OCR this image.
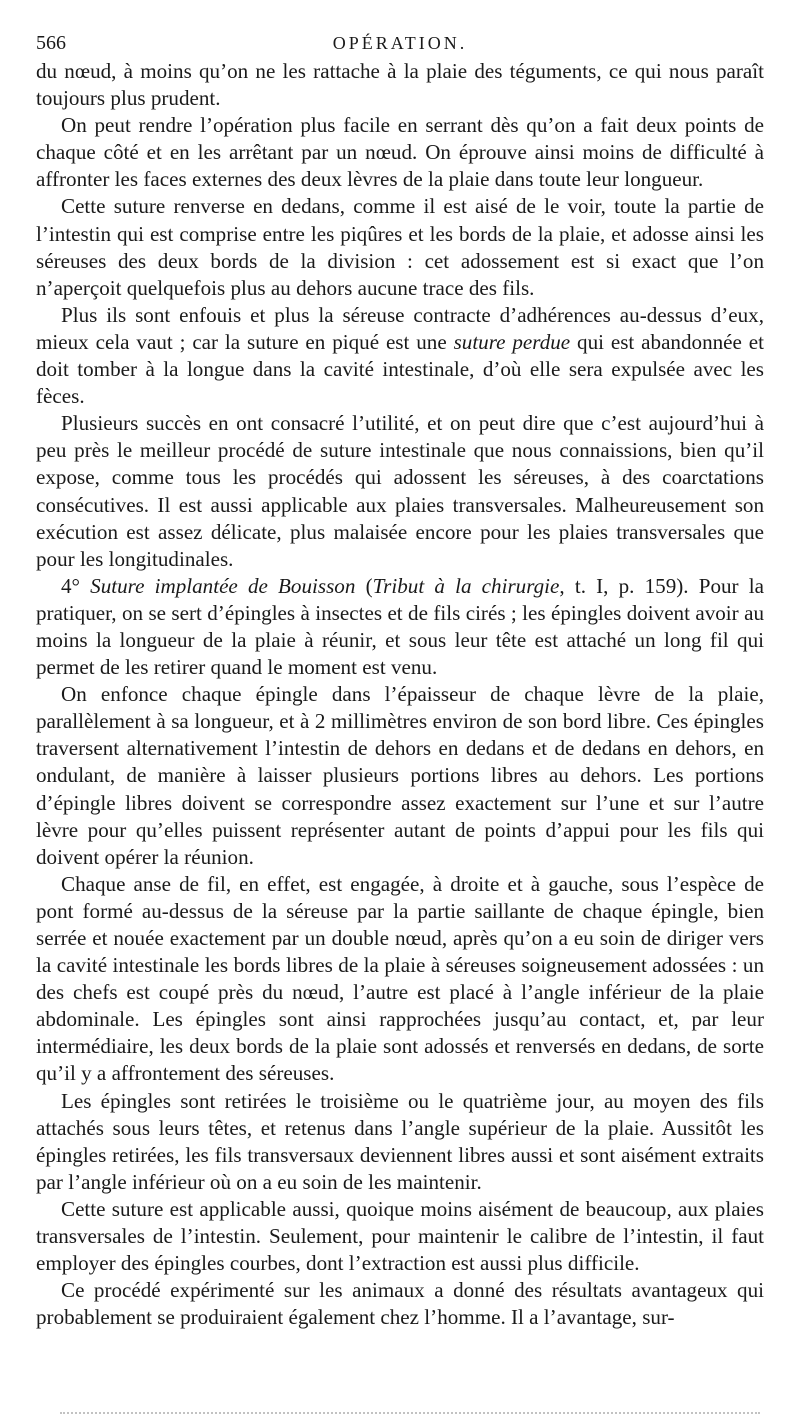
566	OPÉRATION.

du nœud, à moins qu’on ne les rattache à la plaie des téguments, ce qui nous paraît toujours plus prudent.

On peut rendre l’opération plus facile en serrant dès qu’on a fait deux points de chaque côté et en les arrêtant par un nœud. On éprouve ainsi moins de difficulté à affronter les faces externes des deux lèvres de la plaie dans toute leur longueur.

Cette suture renverse en dedans, comme il est aisé de le voir, toute la partie de l’intestin qui est comprise entre les piqûres et les bords de la plaie, et adosse ainsi les séreuses des deux bords de la division : cet adossement est si exact que l’on n’aperçoit quelquefois plus au dehors aucune trace des fils.

Plus ils sont enfouis et plus la séreuse contracte d’adhérences au-dessus d’eux, mieux cela vaut ; car la suture en piqué est une suture perdue qui est abandonnée et doit tomber à la longue dans la cavité intestinale, d’où elle sera expulsée avec les fèces.

Plusieurs succès en ont consacré l’utilité, et on peut dire que c’est aujourd’hui à peu près le meilleur procédé de suture intestinale que nous connaissions, bien qu’il expose, comme tous les procédés qui adossent les séreuses, à des coarctations consécutives. Il est aussi applicable aux plaies transversales. Malheureusement son exécution est assez délicate, plus malaisée encore pour les plaies transversales que pour les longitudinales.

4° Suture implantée de Bouisson (Tribut à la chirurgie, t. I, p. 159). Pour la pratiquer, on se sert d’épingles à insectes et de fils cirés ; les épingles doivent avoir au moins la longueur de la plaie à réunir, et sous leur tête est attaché un long fil qui permet de les retirer quand le moment est venu.

On enfonce chaque épingle dans l’épaisseur de chaque lèvre de la plaie, parallèlement à sa longueur, et à 2 millimètres environ de son bord libre. Ces épingles traversent alternativement l’intestin de dehors en dedans et de dedans en dehors, en ondulant, de manière à laisser plusieurs portions libres au dehors. Les portions d’épingle libres doivent se correspondre assez exactement sur l’une et sur l’autre lèvre pour qu’elles puissent représenter autant de points d’appui pour les fils qui doivent opérer la réunion.

Chaque anse de fil, en effet, est engagée, à droite et à gauche, sous l’espèce de pont formé au-dessus de la séreuse par la partie saillante de chaque épingle, bien serrée et nouée exactement par un double nœud, après qu’on a eu soin de diriger vers la cavité intestinale les bords libres de la plaie à séreuses soigneusement adossées : un des chefs est coupé près du nœud, l’autre est placé à l’angle inférieur de la plaie abdominale. Les épingles sont ainsi rapprochées jusqu’au contact, et, par leur intermédiaire, les deux bords de la plaie sont adossés et renversés en dedans, de sorte qu’il y a affrontement des séreuses.

Les épingles sont retirées le troisième ou le quatrième jour, au moyen des fils attachés sous leurs têtes, et retenus dans l’angle supérieur de la plaie. Aussitôt les épingles retirées, les fils transversaux deviennent libres aussi et sont aisément extraits par l’angle inférieur où on a eu soin de les maintenir.

Cette suture est applicable aussi, quoique moins aisément de beaucoup, aux plaies transversales de l’intestin. Seulement, pour maintenir le calibre de l’intestin, il faut employer des épingles courbes, dont l’extraction est aussi plus difficile.

Ce procédé expérimenté sur les animaux a donné des résultats avantageux qui probablement se produiraient également chez l’homme. Il a l’avantage, sur-
